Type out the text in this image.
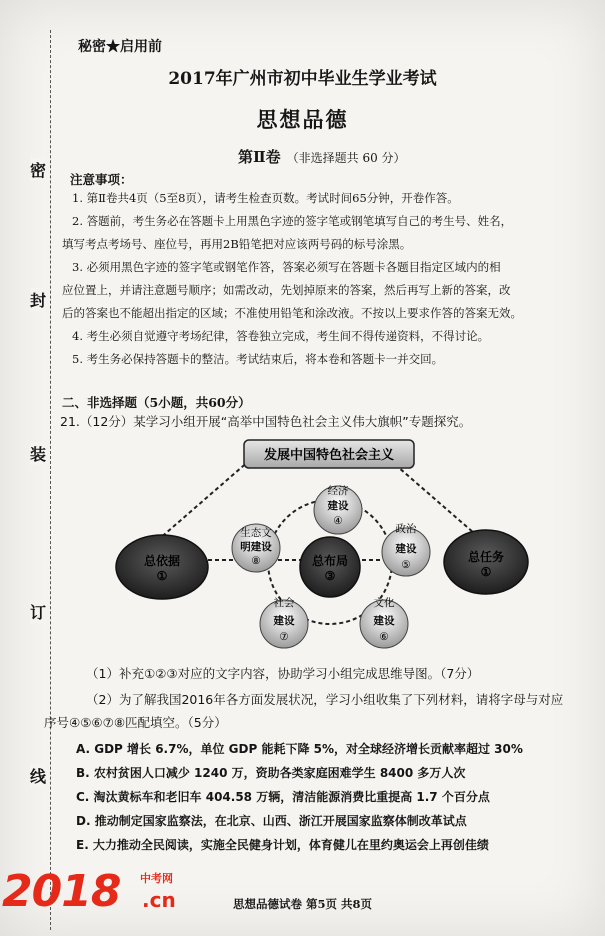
密
封
装
订
线
秘密★启用前
2017年广州市初中毕业生学业考试
思想品德
第Ⅱ卷 （非选择题共 60 分）
注意事项：
1. 第Ⅱ卷共4页（5至8页），请考生检查页数。考试时间65分钟，开卷作答。
2. 答题前，考生务必在答题卡上用黑色字迹的签字笔或钢笔填写自己的考生号、姓名，
填写考点考场号、座位号，再用2B铅笔把对应该两号码的标号涂黑。
3. 必须用黑色字迹的签字笔或钢笔作答，答案必须写在答题卡各题目指定区域内的相
应位置上，并请注意题号顺序；如需改动，先划掉原来的答案，然后再写上新的答案，改
后的答案也不能超出指定的区域；不准使用铅笔和涂改液。不按以上要求作答的答案无效。
4. 考生必须自觉遵守考场纪律，答卷独立完成，考生间不得传递资料，不得讨论。
5. 考生务必保持答题卡的整洁。考试结束后，将本卷和答题卡一并交回。
二、非选择题（5小题，共60分）
21.（12分）某学习小组开展“高举中国特色社会主义伟大旗帜”专题探究。
发展中国特色社会主义
总依据
①
总任务
①
总布局
③
经济
建设
④
政治
建设
⑤
文化
建设
⑥
社会
建设
⑦
生态文
明建设
⑧
（1）补充①②③对应的文字内容，协助学习小组完成思维导图。（7分）
（2）为了解我国2016年各方面发展状况，学习小组收集了下列材料，请将字母与对应
序号④⑤⑥⑦⑧匹配填空。（5分）
A. GDP 增长 6.7%，单位 GDP 能耗下降 5%，对全球经济增长贡献率超过 30%
B. 农村贫困人口减少 1240 万，资助各类家庭困难学生 8400 多万人次
C. 淘汰黄标车和老旧车 404.58 万辆，清洁能源消费比重提高 1.7 个百分点
D. 推动制定国家监察法，在北京、山西、浙江开展国家监察体制改革试点
E. 大力推动全民阅读，实施全民健身计划，体育健儿在里约奥运会上再创佳绩
2018 中考网
.cn	思想品德试卷 第5页 共8页
